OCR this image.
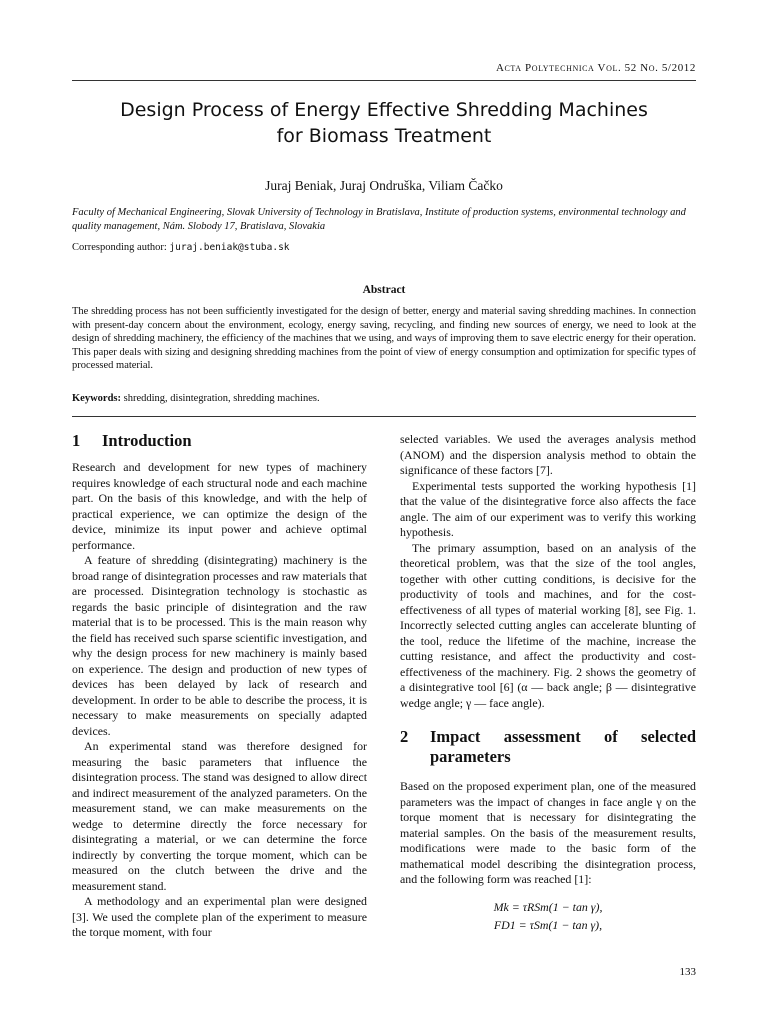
Acta Polytechnica Vol. 52 No. 5/2012
Design Process of Energy Effective Shredding Machines
for Biomass Treatment
Juraj Beniak, Juraj Ondruška, Viliam Čačko
Faculty of Mechanical Engineering, Slovak University of Technology in Bratislava, Institute of production systems, environmental technology and quality management, Nám. Slobody 17, Bratislava, Slovakia
Corresponding author: juraj.beniak@stuba.sk
Abstract
The shredding process has not been sufficiently investigated for the design of better, energy and material saving shredding machines. In connection with present-day concern about the environment, ecology, energy saving, recycling, and finding new sources of energy, we need to look at the design of shredding machinery, the efficiency of the machines that we using, and ways of improving them to save electric energy for their operation. This paper deals with sizing and designing shredding machines from the point of view of energy consumption and optimization for specific types of processed material.
Keywords: shredding, disintegration, shredding machines.
1 Introduction

Research and development for new types of machinery requires knowledge of each structural node and each machine part. On the basis of this knowledge, and with the help of practical experience, we can optimize the design of the device, minimize its input power and achieve optimal performance.

A feature of shredding (disintegrating) machinery is the broad range of disintegration processes and raw materials that are processed. Disintegration technology is stochastic as regards the basic principle of disintegration and the raw material that is to be processed. This is the main reason why the field has received such sparse scientific investigation, and why the design process for new machinery is mainly based on experience. The design and production of new types of devices has been delayed by lack of research and development. In order to be able to describe the process, it is necessary to make measurements on specially adapted devices.

An experimental stand was therefore designed for measuring the basic parameters that influence the disintegration process. The stand was designed to allow direct and indirect measurement of the analyzed parameters. On the measurement stand, we can make measurements on the wedge to determine directly the force necessary for disintegrating a material, or we can determine the force indirectly by converting the torque moment, which can be measured on the clutch between the drive and the measurement stand.

A methodology and an experimental plan were designed [3]. We used the complete plan of the experiment to measure the torque moment, with four

selected variables. We used the averages analysis method (ANOM) and the dispersion analysis method to obtain the significance of these factors [7].

Experimental tests supported the working hypothesis [1] that the value of the disintegrative force also affects the face angle. The aim of our experiment was to verify this working hypothesis.

The primary assumption, based on an analysis of the theoretical problem, was that the size of the tool angles, together with other cutting conditions, is decisive for the productivity of tools and machines, and for the cost-effectiveness of all types of material working [8], see Fig. 1. Incorrectly selected cutting angles can accelerate blunting of the tool, reduce the lifetime of the machine, increase the cutting resistance, and affect the productivity and cost-effectiveness of the machinery. Fig. 2 shows the geometry of a disintegrative tool [6] (α — back angle; β — disintegrative wedge angle; γ — face angle).

2	Impact assessment of selected parameters

Based on the proposed experiment plan, one of the measured parameters was the impact of changes in face angle γ on the torque moment that is necessary for disintegrating the material samples. On the basis of the measurement results, modifications were made to the basic form of the mathematical model describing the disintegration process, and the following form was reached [1]:

Mk = τRSm(1 − tan γ),
FD1 = τSm(1 − tan γ),
133
